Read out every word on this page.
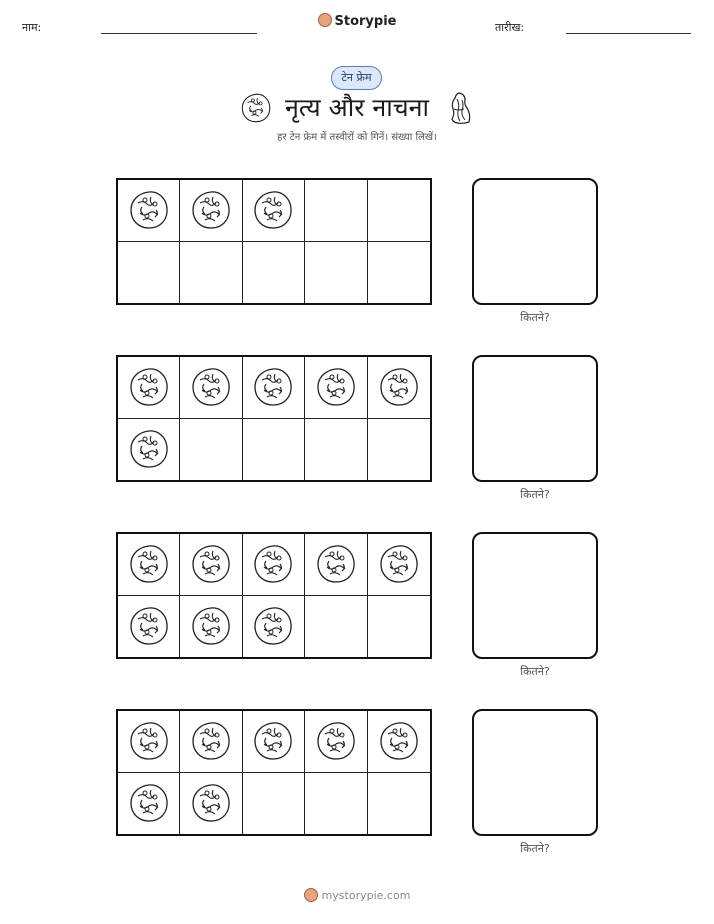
नाम:	Storypie	तारीख:
टेन फ्रेम
नृत्य और नाचना
हर टेन फ्रेम में तस्वीरों को गिनें। संख्या लिखें।
कितने?
कितने?
कितने?
कितने?
mystorypie.com
